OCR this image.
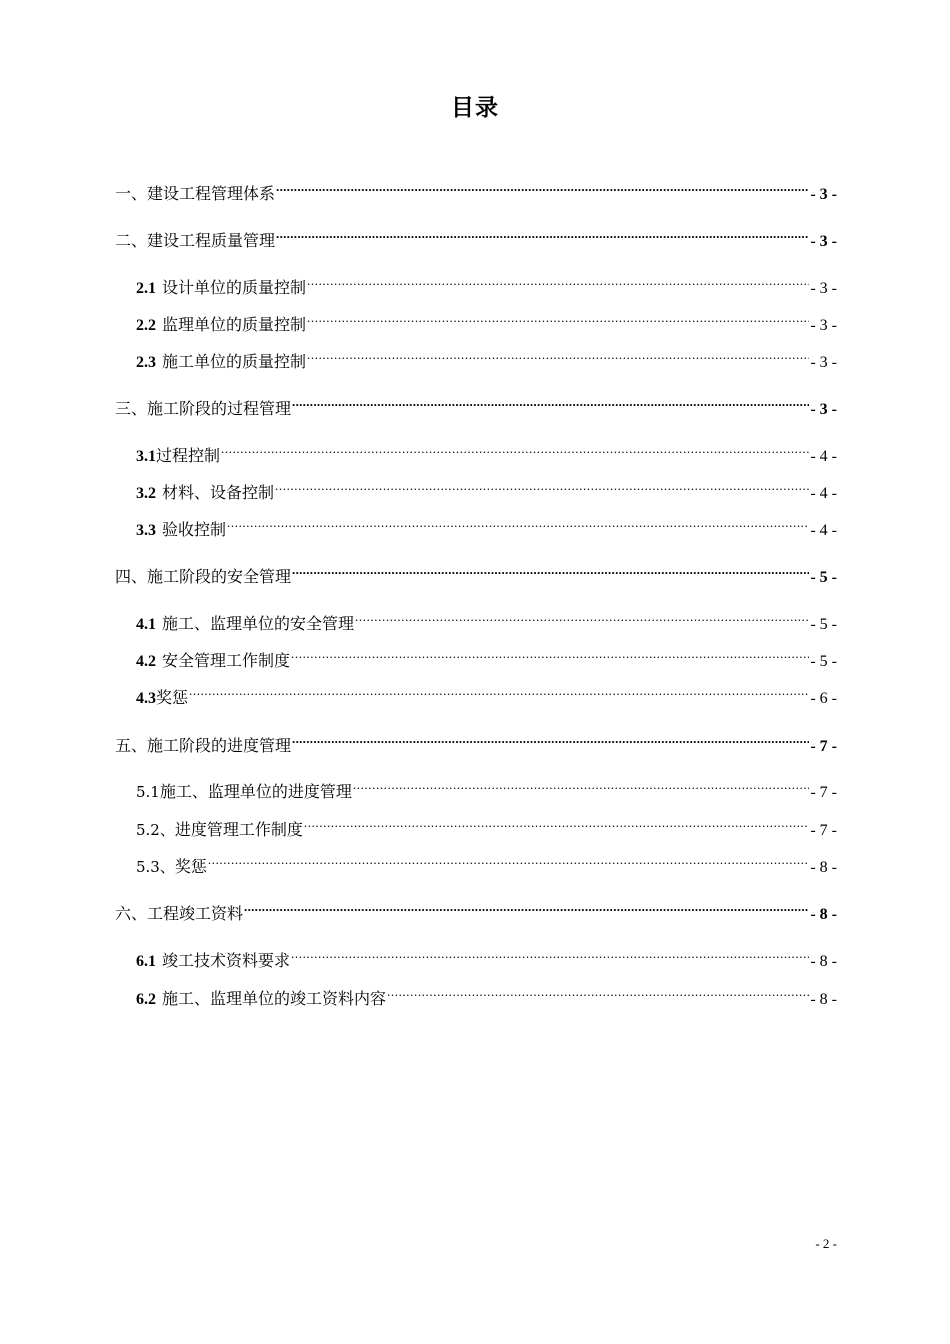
目录
一、建设工程管理体系 .....	- 3 -
二、建设工程质量管理 .....	- 3 -
2.1 设计单位的质量控制 .....	- 3 -
2.2 监理单位的质量控制 .....	- 3 -
2.3 施工单位的质量控制 .....	- 3 -
三、施工阶段的过程管理 .....	- 3 -
3.1 过程控制 .....	- 4 -
3.2 材料、设备控制 .....	- 4 -
3.3 验收控制 .....	- 4 -
四、施工阶段的安全管理 .....	- 5 -
4.1 施工、监理单位的安全管理 .....	- 5 -
4.2 安全管理工作制度 .....	- 5 -
4.3 奖惩 .....	- 6 -
五、施工阶段的进度管理 .....	- 7 -
5.1 施工、监理单位的进度管理 .....	- 7 -
5.2、 进度管理工作制度 .....	- 7 -
5.3、 奖惩 .....	- 8 -
六、工程竣工资料 .....	- 8 -
6.1 竣工技术资料要求 .....	- 8 -
6.2 施工、监理单位的竣工资料内容 .....	- 8 -
- 2 -
